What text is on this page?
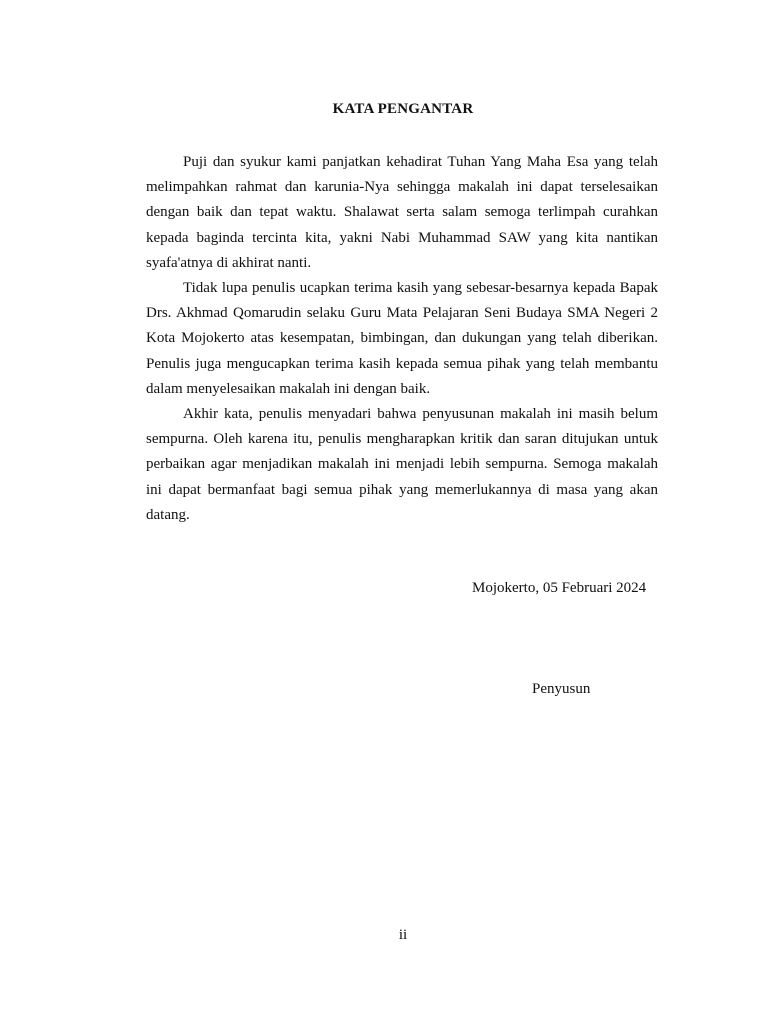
KATA PENGANTAR

Puji dan syukur kami panjatkan kehadirat Tuhan Yang Maha Esa yang telah melimpahkan rahmat dan karunia-Nya sehingga makalah ini dapat terselesaikan dengan baik dan tepat waktu. Shalawat serta salam semoga terlimpah curahkan kepada baginda tercinta kita, yakni Nabi Muhammad SAW yang kita nantikan syafa'atnya di akhirat nanti.

Tidak lupa penulis ucapkan terima kasih yang sebesar-besarnya kepada Bapak Drs. Akhmad Qomarudin selaku Guru Mata Pelajaran Seni Budaya SMA Negeri 2 Kota Mojokerto atas kesempatan, bimbingan, dan dukungan yang telah diberikan. Penulis juga mengucapkan terima kasih kepada semua pihak yang telah membantu dalam menyelesaikan makalah ini dengan baik.

Akhir kata, penulis menyadari bahwa penyusunan makalah ini masih belum sempurna. Oleh karena itu, penulis mengharapkan kritik dan saran ditujukan untuk perbaikan agar menjadikan makalah ini menjadi lebih sempurna. Semoga makalah ini dapat bermanfaat bagi semua pihak yang memerlukannya di masa yang akan datang.

Mojokerto, 05 Februari 2024
Penyusun
ii
